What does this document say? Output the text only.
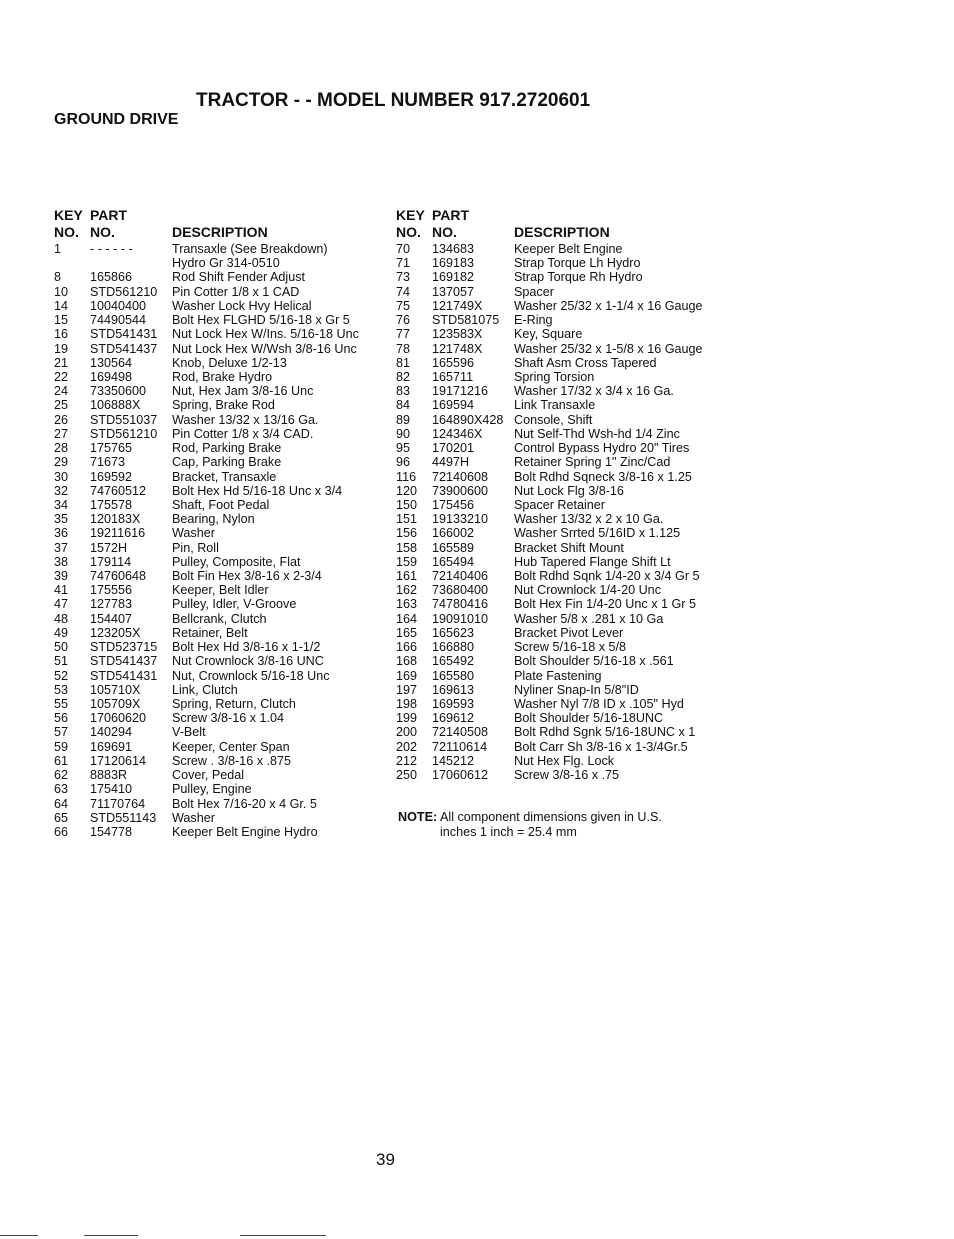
TRACTOR - - MODEL NUMBER 917.2720601
GROUND DRIVE
KEY PART
NO. NO.	DESCRIPTION
1 - - - - - -	Transaxle (See Breakdown)
Hydro Gr 314-0510
8 165866	Rod Shift Fender Adjust
10 STD561210 Pin Cotter 1/8 x 1 CAD
14 10040400 Washer Lock Hvy Helical
15 74490544 Bolt Hex FLGHD 5/16-18 x Gr 5
16 STD541431 Nut Lock Hex W/Ins. 5/16-18 Unc
19 STD541437 Nut Lock Hex W/Wsh 3/8-16 Unc
21 130564	Knob, Deluxe 1/2-13
22 169498	Rod, Brake Hydro
24 73350600 Nut, Hex Jam 3/8-16 Unc
25 106888X	Spring, Brake Rod
26 STD551037 Washer 13/32 x 13/16 Ga.
27 STD561210 Pin Cotter 1/8 x 3/4 CAD.
28 175765	Rod, Parking Brake
29 71673	Cap, Parking Brake
30 169592	Bracket, Transaxle
32 74760512 Bolt Hex Hd 5/16-18 Unc x 3/4
34 175578	Shaft, Foot Pedal
35 120183X	Bearing, Nylon
36 19211616 Washer
37 1572H	Pin, Roll
38 179114	Pulley, Composite, Flat
39 74760648 Bolt Fin Hex 3/8-16 x 2-3/4
41 175556	Keeper, Belt Idler
47 127783	Pulley, Idler, V-Groove
48 154407	Bellcrank, Clutch
49 123205X	Retainer, Belt
50 STD523715 Bolt Hex Hd 3/8-16 x 1-1/2
51 STD541437 Nut Crownlock 3/8-16 UNC
52 STD541431 Nut, Crownlock 5/16-18 Unc
53 105710X	Link, Clutch
55 105709X	Spring, Return, Clutch
56 17060620 Screw 3/8-16 x 1.04
57 140294	V-Belt
59 169691	Keeper, Center Span
61 17120614 Screw . 3/8-16 x .875
62 8883R	Cover, Pedal
63 175410	Pulley, Engine
64 71170764 Bolt Hex 7/16-20 x 4 Gr. 5
65 STD551143 Washer
66 154778	Keeper Belt Engine Hydro
KEY PART
NO. NO.	DESCRIPTION
70 134683	Keeper Belt Engine
71 169183	Strap Torque Lh Hydro
73 169182	Strap Torque Rh Hydro
74 137057	Spacer
75 121749X	Washer 25/32 x 1-1/4 x 16 Gauge
76 STD581075 E-Ring
77 123583X	Key, Square
78 121748X	Washer 25/32 x 1-5/8 x 16 Gauge
81 165596	Shaft Asm Cross Tapered
82 165711	Spring Torsion
83 19171216 Washer 17/32 x 3/4 x 16 Ga.
84 169594	Link Transaxle
89 164890X428 Console, Shift
90 124346X	Nut Self-Thd Wsh-hd 1/4 Zinc
95 170201	Control Bypass Hydro 20" Tires
96 4497H	Retainer Spring 1" Zinc/Cad
116 72140608 Bolt Rdhd Sqneck 3/8-16 x 1.25
120 73900600 Nut Lock Flg 3/8-16
150 175456	Spacer Retainer
151 19133210 Washer 13/32 x 2 x 10 Ga.
156 166002	Washer Srrted 5/16ID x 1.125
158 165589	Bracket Shift Mount
159 165494	Hub Tapered Flange Shift Lt
161 72140406 Bolt Rdhd Sqnk 1/4-20 x 3/4 Gr 5
162 73680400 Nut Crownlock 1/4-20 Unc
163 74780416 Bolt Hex Fin 1/4-20 Unc x 1 Gr 5
164 19091010 Washer 5/8 x .281 x 10 Ga
165 165623	Bracket Pivot Lever
166 166880	Screw 5/16-18 x 5/8
168 165492	Bolt Shoulder 5/16-18 x .561
169 165580	Plate Fastening
197 169613	Nyliner Snap-In 5/8"ID
198 169593	Washer Nyl 7/8 ID x .105" Hyd
199 169612	Bolt Shoulder 5/16-18UNC
200 72140508 Bolt Rdhd Sgnk 5/16-18UNC x 1
202 72110614 Bolt Carr Sh 3/8-16 x 1-3/4Gr.5
212 145212	Nut Hex Flg. Lock
250 17060612 Screw 3/8-16 x .75
NOTE: All component dimensions given in U.S.
inches 1 inch = 25.4 mm
39
